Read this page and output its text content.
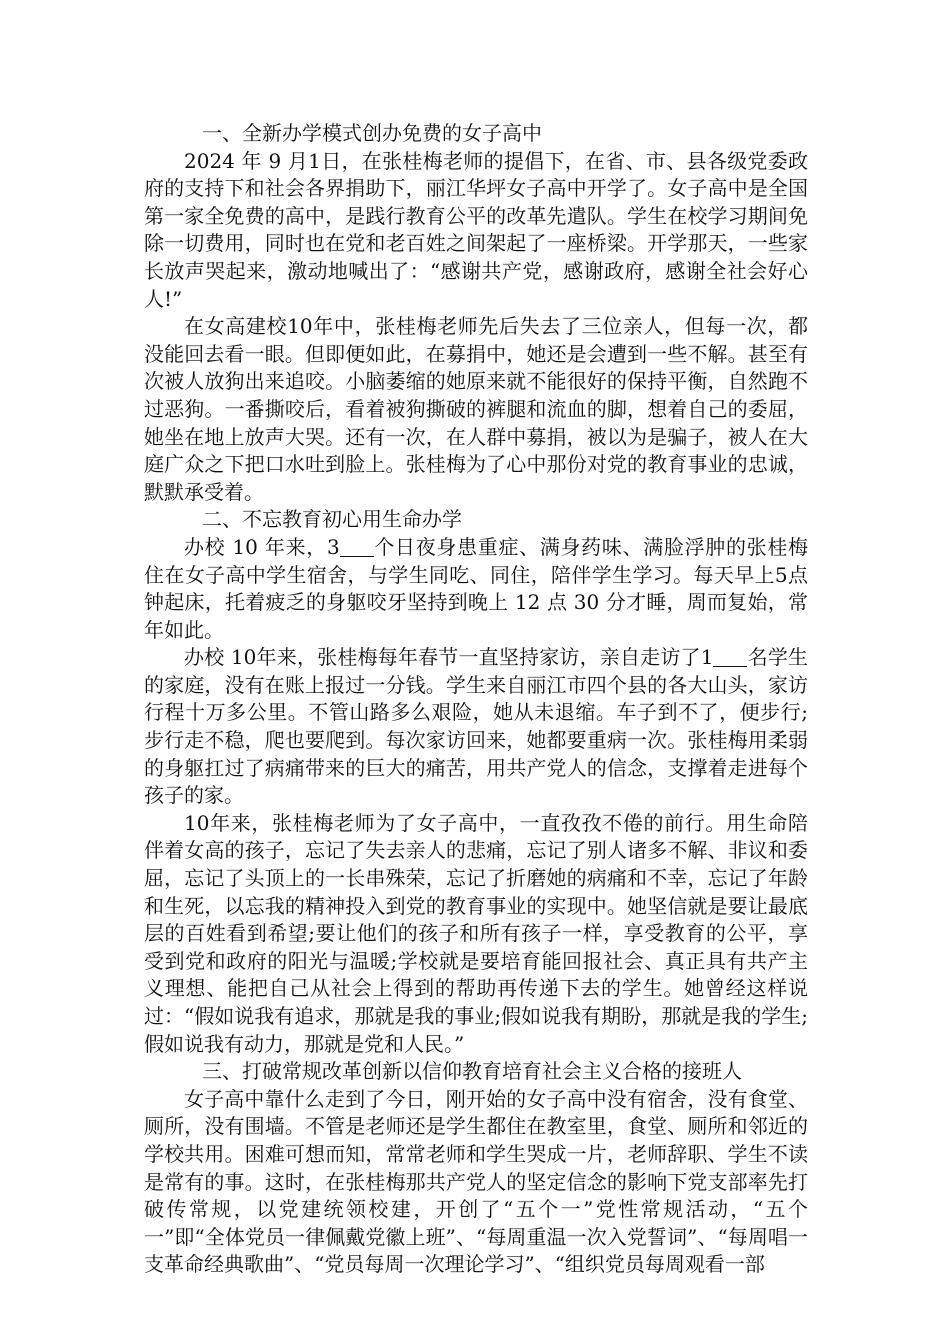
一、全新办学模式创办免费的女子高中

2024 年 9 月1日，在张桂梅老师的提倡下，在省、市、县各级党委政府的支持下和社会各界捐助下，丽江华坪女子高中开学了。女子高中是全国第一家全免费的高中，是践行教育公平的改革先遣队。学生在校学习期间免除一切费用，同时也在党和老百姓之间架起了一座桥梁。开学那天，一些家长放声哭起来，激动地喊出了：“感谢共产党，感谢政府，感谢全社会好心人!”

在女高建校10年中，张桂梅老师先后失去了三位亲人，但每一次，都没能回去看一眼。但即便如此，在募捐中，她还是会遭到一些不解。甚至有次被人放狗出来追咬。小脑萎缩的她原来就不能很好的保持平衡，自然跑不过恶狗。一番撕咬后，看着被狗撕破的裤腿和流血的脚，想着自己的委屈，她坐在地上放声大哭。还有一次，在人群中募捐，被以为是骗子，被人在大庭广众之下把口水吐到脸上。张桂梅为了心中那份对党的教育事业的忠诚，默默承受着。

二、不忘教育初心用生命办学

办校 10 年来，3 个日夜身患重症、满身药味、满脸浮肿的张桂梅住在女子高中学生宿舍，与学生同吃、同住，陪伴学生学习。每天早上5点钟起床，托着疲乏的身躯咬牙坚持到晚上 12 点 30 分才睡，周而复始，常年如此。

办校 10年来，张桂梅每年春节一直坚持家访，亲自走访了1 名学生的家庭，没有在账上报过一分钱。学生来自丽江市四个县的各大山头，家访行程十万多公里。不管山路多么艰险，她从未退缩。车子到不了，便步行;步行走不稳，爬也要爬到。每次家访回来，她都要重病一次。张桂梅用柔弱的身躯扛过了病痛带来的巨大的痛苦，用共产党人的信念，支撑着走进每个孩子的家。

10年来，张桂梅老师为了女子高中，一直孜孜不倦的前行。用生命陪伴着女高的孩子，忘记了失去亲人的悲痛，忘记了别人诸多不解、非议和委屈，忘记了头顶上的一长串殊荣，忘记了折磨她的病痛和不幸，忘记了年龄和生死，以忘我的精神投入到党的教育事业的实现中。她坚信就是要让最底层的百姓看到希望;要让他们的孩子和所有孩子一样，享受教育的公平，享受到党和政府的阳光与温暖;学校就是要培育能回报社会、真正具有共产主义理想、能把自己从社会上得到的帮助再传递下去的学生。她曾经这样说过：“假如说我有追求，那就是我的事业;假如说我有期盼，那就是我的学生;假如说我有动力，那就是党和人民。”

三、打破常规改革创新以信仰教育培育社会主义合格的接班人

女子高中靠什么走到了今日，刚开始的女子高中没有宿舍，没有食堂、厕所，没有围墙。不管是老师还是学生都住在教室里，食堂、厕所和邻近的学校共用。困难可想而知，常常老师和学生哭成一片，老师辞职、学生不读是常有的事。这时，在张桂梅那共产党人的坚定信念的影响下党支部率先打破传常规，以党建统领校建，开创了“五个一”党性常规活动，“五个一”即“全体党员一律佩戴党徽上班”、“每周重温一次入党誓词”、“每周唱一支革命经典歌曲”、“党员每周一次理论学习”、“组织党员每周观看一部
